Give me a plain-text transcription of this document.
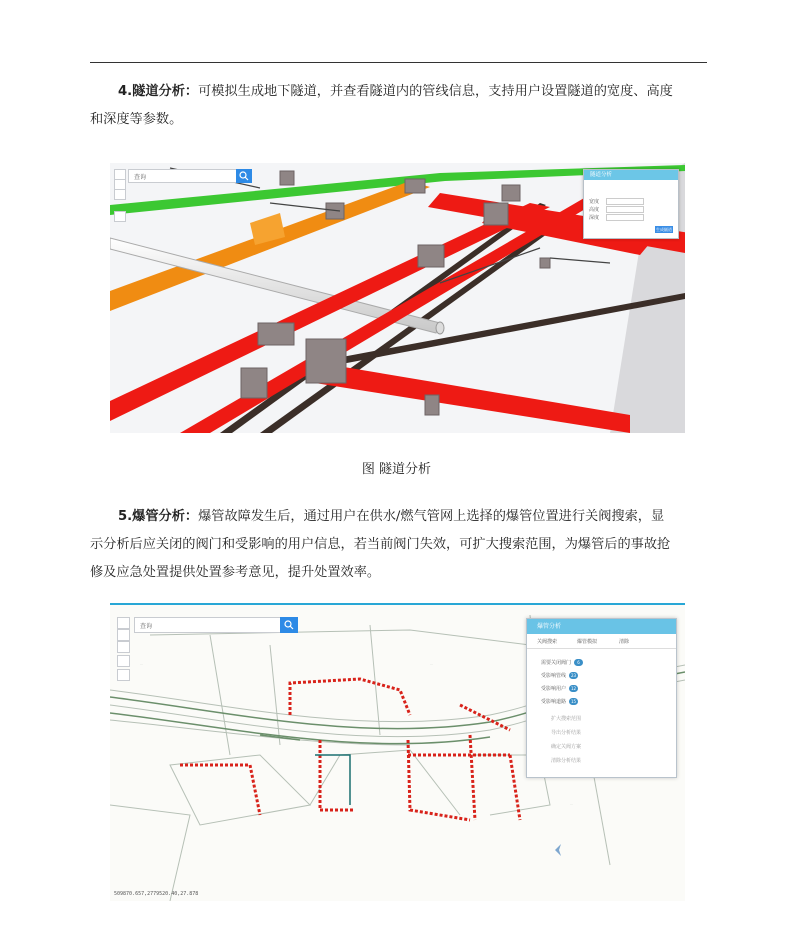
4.隧道分析：可模拟生成地下隧道，并查看隧道内的管线信息，支持用户设置隧道的宽度、高度
和深度等参数。
查询	隧道分析
宽度
高度
深度
生成隧道
图 隧道分析
5.爆管分析：爆管故障发生后，通过用户在供水/燃气管网上选择的爆管位置进行关阀搜索，显
示分析后应关闭的阀门和受影响的用户信息，若当前阀门失效，可扩大搜索范围，为爆管后的事故抢
修及应急处置提供处置参考意见，提升处置效率。
···	···
···
查询	爆管分析
关阀搜索	爆管模拟	清除
需要关闭阀门 6
受影响管线 23
受影响用户 12
受影响道路 15
扩大搜索范围
导出分析结果
确定关阀方案
清除分析结果
509870.657,2779520.40,27.878
